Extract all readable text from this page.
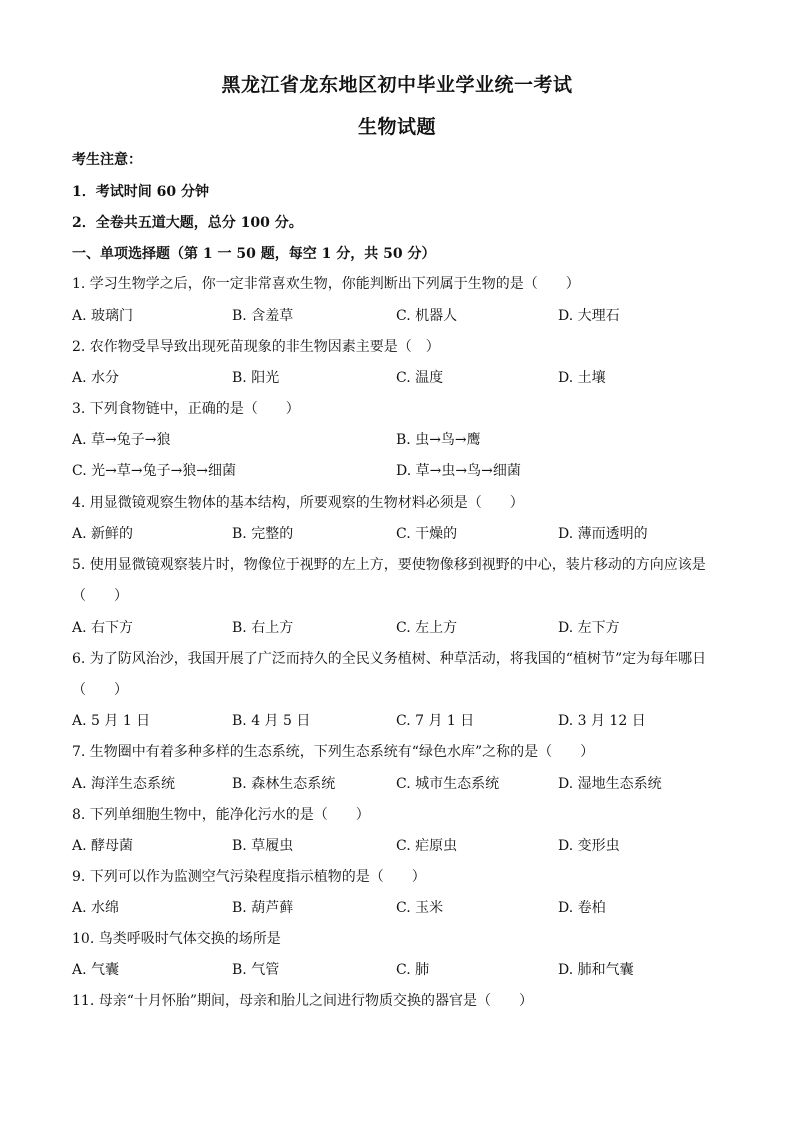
黑龙江省龙东地区初中毕业学业统一考试
生物试题
考生注意：
1．考试时间 60 分钟
2．全卷共五道大题，总分 100 分。
一、单项选择题（第 1 一 50 题，每空 1 分，共 50 分）
1. 学习生物学之后，你一定非常喜欢生物，你能判断出下列属于生物的是（　　）
A. 玻璃门	B. 含羞草	C. 机器人	D. 大理石
2. 农作物受旱导致出现死苗现象的非生物因素主要是（　）
A. 水分	B. 阳光	C. 温度	D. 土壤
3. 下列食物链中，正确的是（　　）
A. 草→兔子→狼	B. 虫→鸟→鹰
C. 光→草→兔子→狼→细菌	D. 草→虫→鸟→细菌
4. 用显微镜观察生物体的基本结构，所要观察的生物材料必须是（　　）
A. 新鲜的	B. 完整的	C. 干燥的	D. 薄而透明的
5. 使用显微镜观察装片时，物像位于视野的左上方，要使物像移到视野的中心，装片移动的方向应该是
（　　）
A. 右下方	B. 右上方	C. 左上方	D. 左下方
6. 为了防风治沙，我国开展了广泛而持久的全民义务植树、种草活动，将我国的“植树节”定为每年哪日
（　　）
A. 5 月 1 日	B. 4 月 5 日	C. 7 月 1 日	D. 3 月 12 日
7. 生物圈中有着多种多样的生态系统，下列生态系统有“绿色水库”之称的是（　　）
A. 海洋生态系统	B. 森林生态系统	C. 城市生态系统	D. 湿地生态系统
8. 下列单细胞生物中，能净化污水的是（　　）
A. 酵母菌	B. 草履虫	C. 疟原虫	D. 变形虫
9. 下列可以作为监测空气污染程度指示植物的是（　　）
A. 水绵	B. 葫芦藓	C. 玉米	D. 卷柏
10. 鸟类呼吸时气体交换的场所是
A. 气囊	B. 气管	C. 肺	D. 肺和气囊
11. 母亲“十月怀胎”期间，母亲和胎儿之间进行物质交换的器官是（　　）
